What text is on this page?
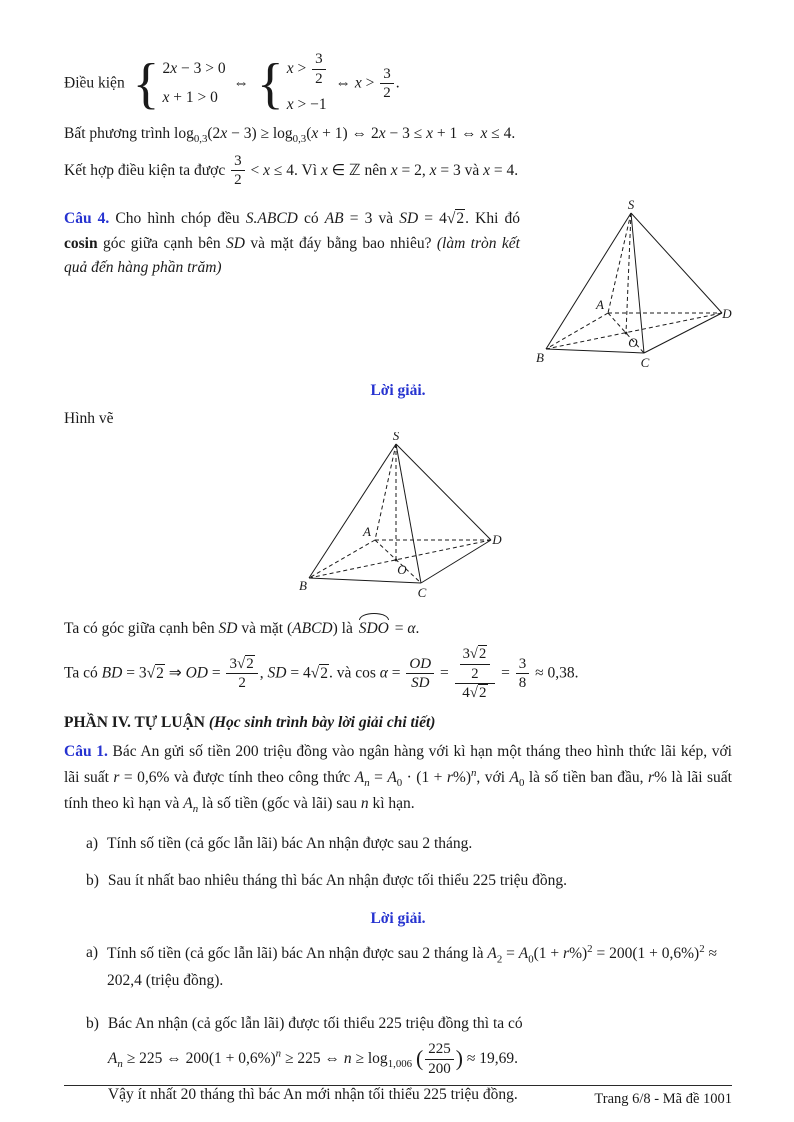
Điều kiện { 2x − 3 > 0
x + 1 > 0
⇔ { $x > \frac{3}{2}$
x > −1
⇔ $x > \frac{3}{2}$ .
Bất phương trình $\log_{0,3}(2x - 3) \ge \log_{0,3}(x + 1)$ ⇔ 2x − 3 ≤ x + 1 ⇔ x ≤ 4.
Kết hợp điều kiện ta được $\frac{3}{2} < x \le 4$. Vì x ∈ ℤ nên x = 2, x = 3 và x = 4.
S
B	C
D
A
O

Câu 4. Cho hình chóp đều S.ABCD có AB = 3 và SD = 4√2. Khi đó cosin góc giữa cạnh bên SD và mặt đáy bằng bao nhiêu? (làm tròn kết quả đến hàng phần trăm)

Lời giải.
Hình vẽ
S
B	C
D
A
O
Ta có góc giữa cạnh bên SD và mặt (ABCD) là SDO = α.
Ta có BD = 3√2 ⇒ OD = $\frac{3√2}{2}$ , SD = 4√2. và $\cos \alpha = \frac{OD}{SD} = \frac{\frac{3√2}{2}}{4√2} = \frac{3}{8} \approx 0,38$.
PHẦN IV. TỰ LUẬN (Học sinh trình bày lời giải chi tiết)

Câu 1. Bác An gửi số tiền 200 triệu đồng vào ngân hàng với kì hạn một tháng theo hình thức lãi kép, với lãi suất r = 0,6% và được tính theo công thức $A_n = A_0 \cdot (1 + r\%)^n$, với $A_0$ là số tiền ban đầu, r% là lãi suất tính theo kì hạn và $A_n$ là số tiền (gốc và lãi) sau n kì hạn.

a) Tính số tiền (cả gốc lẫn lãi) bác An nhận được sau 2 tháng.
b) Sau ít nhất bao nhiêu tháng thì bác An nhận được tối thiểu 225 triệu đồng.
Lời giải.
a) Tính số tiền (cả gốc lẫn lãi) bác An nhận được sau 2 tháng là $A_2 = A_0(1 + r\%)^2 = 200(1 + 0,6\%)^2 \approx 202,4$ (triệu đồng).
b) Bác An nhận (cả gốc lẫn lãi) được tối thiểu 225 triệu đồng thì ta có
$A_n \ge 225$ ⇔ $200(1 + 0,6\%)^n \ge 225$ ⇔ $n \ge \log_{1,006}$ ( $\frac{225}{200}$ ) ≈ 19,69.
Vậy ít nhất 20 tháng thì bác An mới nhận tối thiểu 225 triệu đồng.	Trang 6/8 - Mã đề 1001
